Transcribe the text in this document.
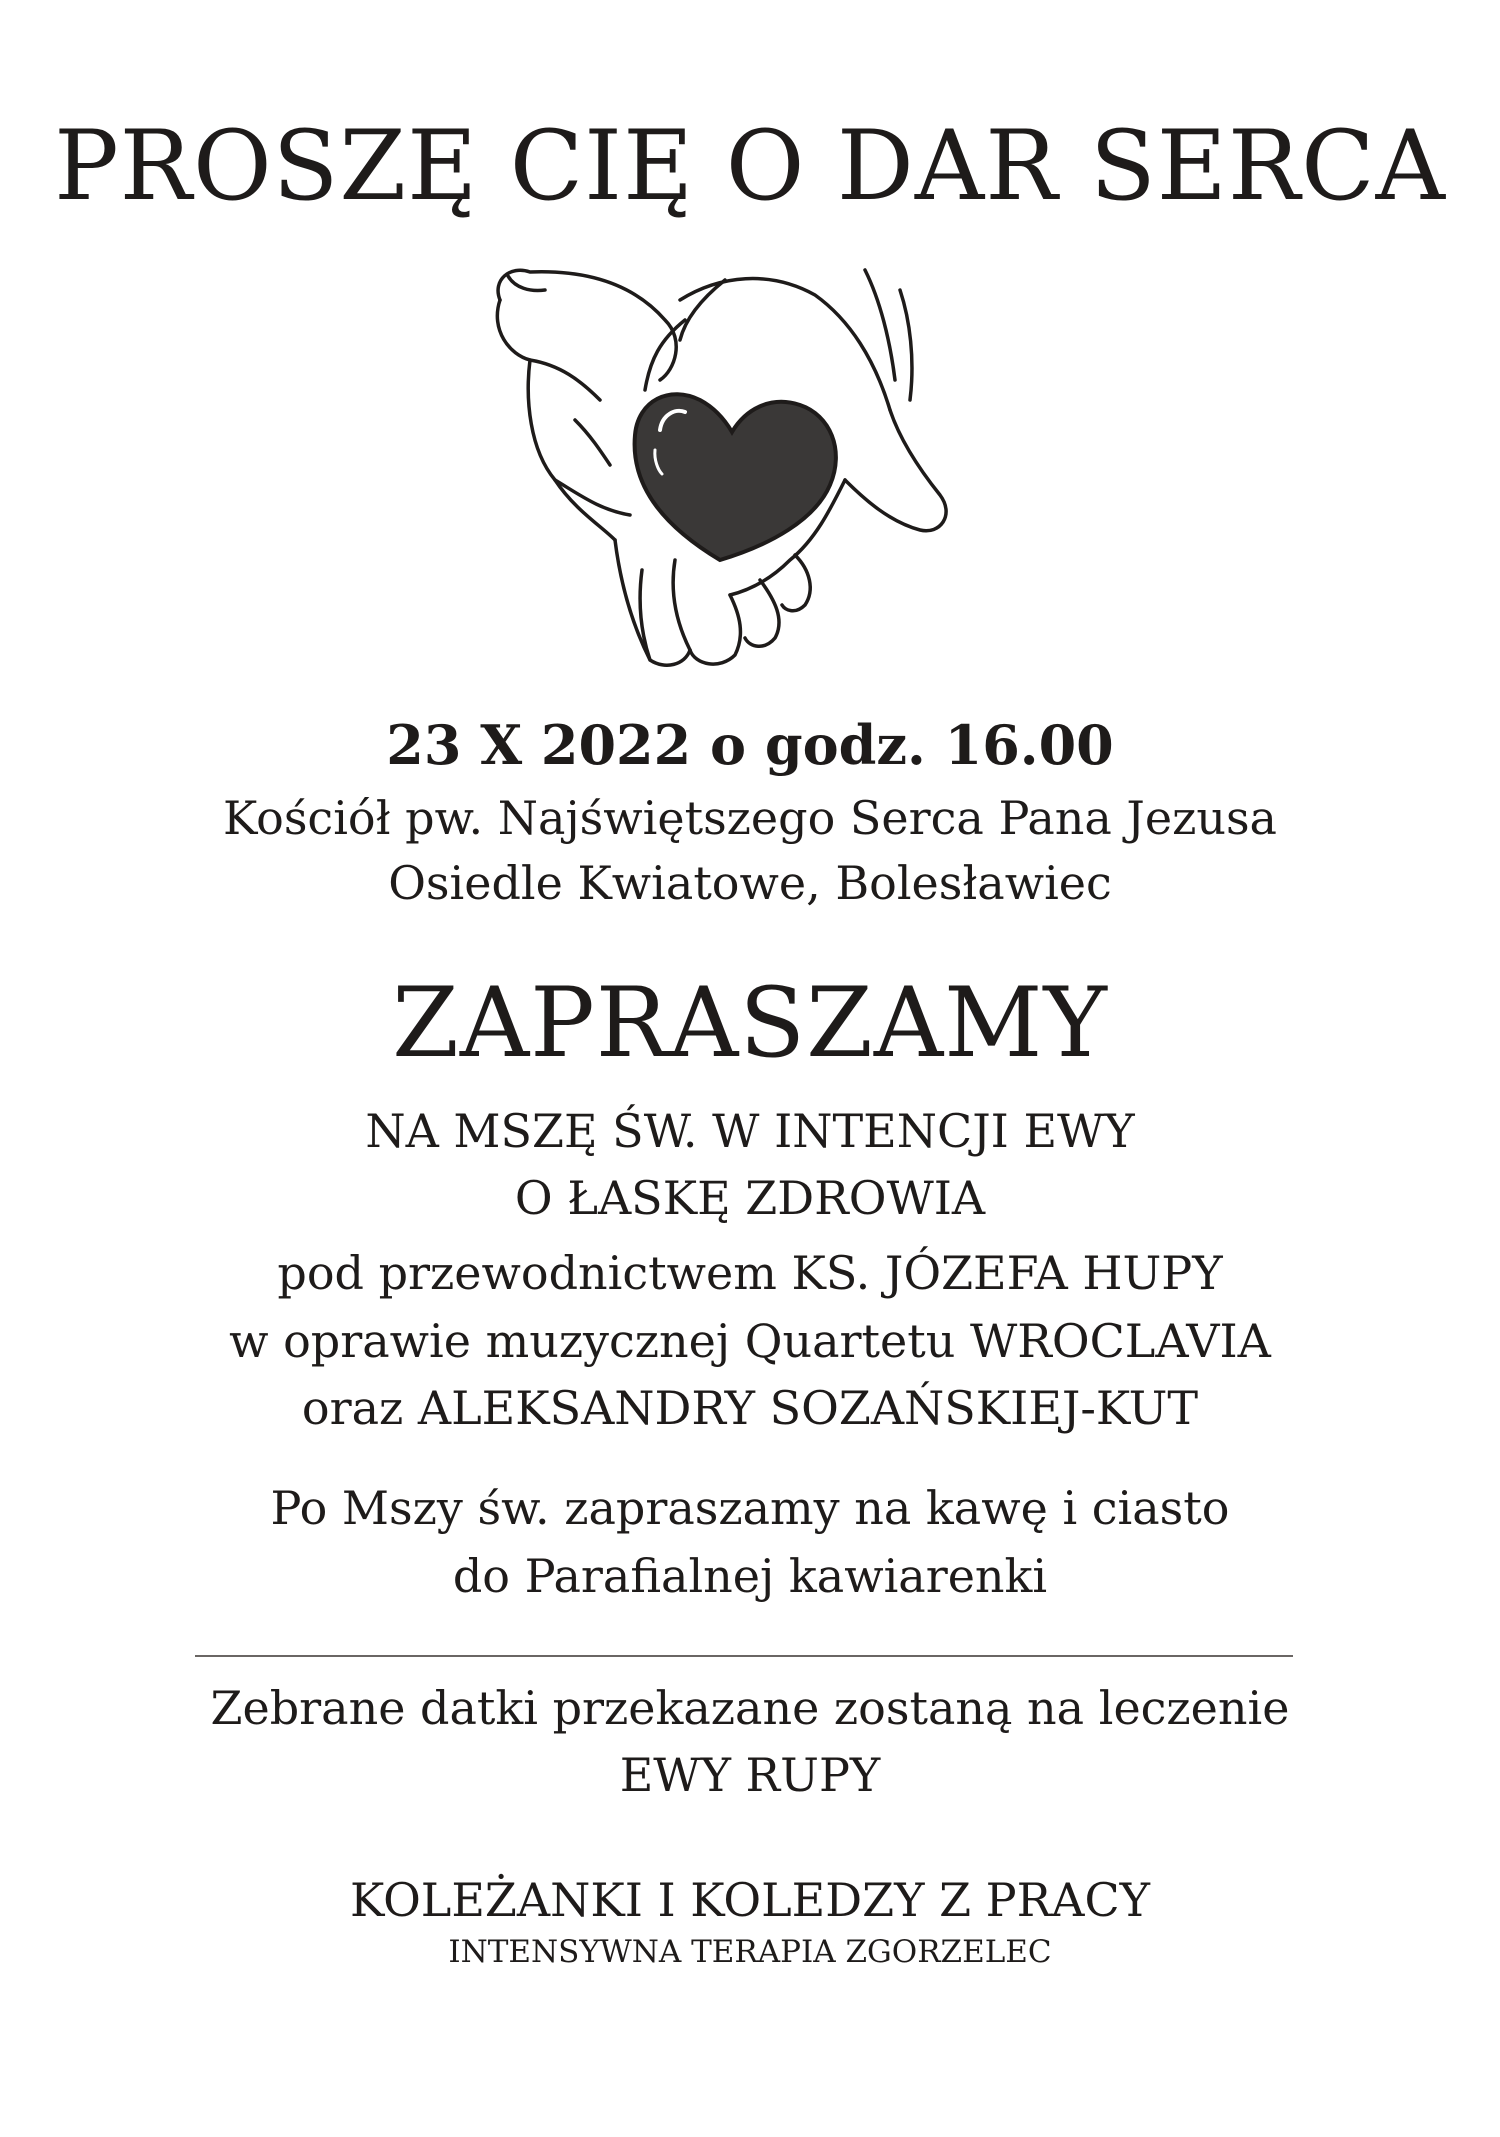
PROSZĘ CIĘ O DAR SERCA
23 X 2022 o godz. 16.00
Kościół pw. Najświętszego Serca Pana Jezusa
Osiedle Kwiatowe, Bolesławiec
ZAPRASZAMY
NA MSZĘ ŚW. W INTENCJI EWY
O ŁASKĘ ZDROWIA
pod przewodnictwem KS. JÓZEFA HUPY
w oprawie muzycznej Quartetu WROCLAVIA
oraz ALEKSANDRY SOZAŃSKIEJ-KUT
Po Mszy św. zapraszamy na kawę i ciasto
do Parafialnej kawiarenki
Zebrane datki przekazane zostaną na leczenie
EWY RUPY
KOLEŻANKI I KOLEDZY Z PRACY
INTENSYWNA TERAPIA ZGORZELEC
